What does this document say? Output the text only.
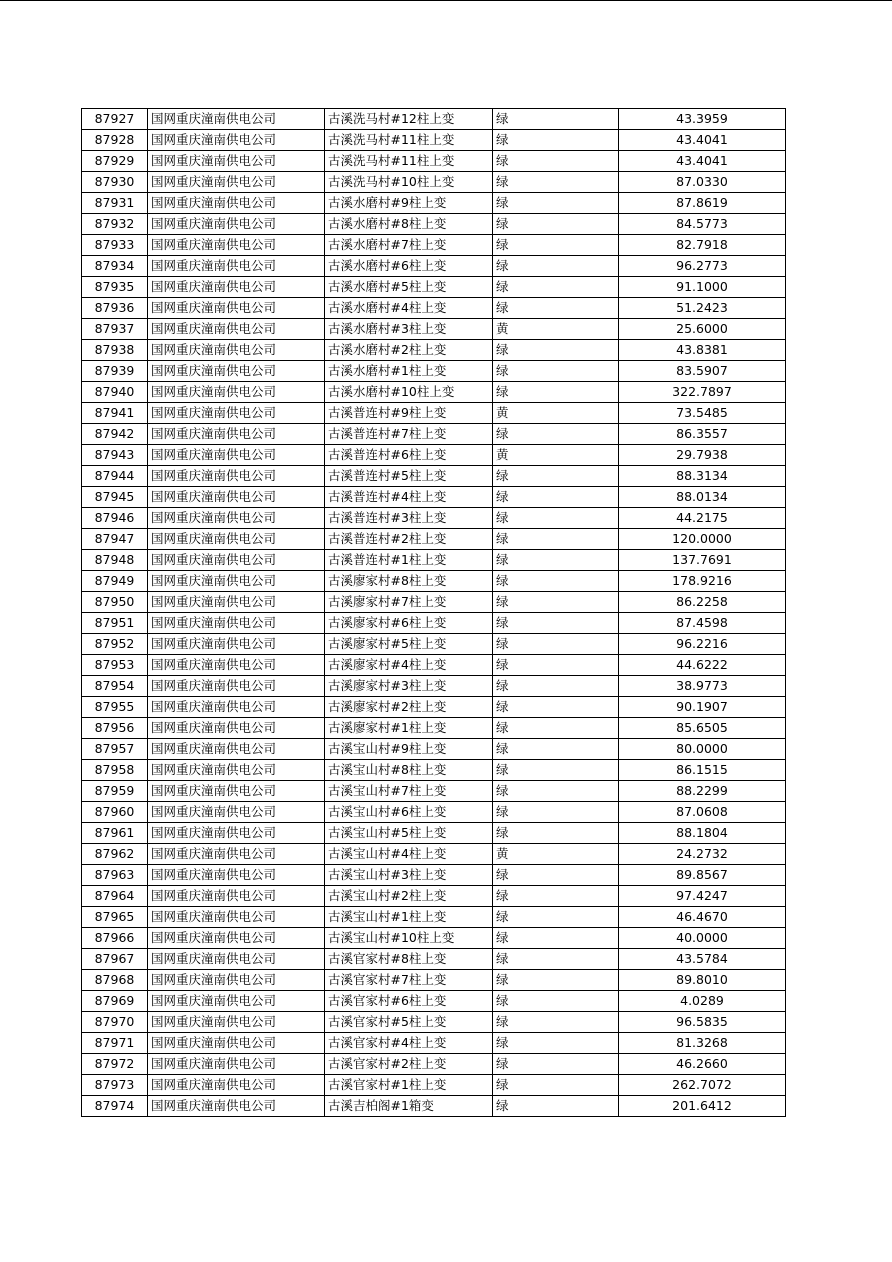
87927	国网重庆潼南供电公司	古溪洗马村#12柱上变	绿	43.3959
87928	国网重庆潼南供电公司	古溪洗马村#11柱上变	绿	43.4041
87929	国网重庆潼南供电公司	古溪洗马村#11柱上变	绿	43.4041
87930	国网重庆潼南供电公司	古溪洗马村#10柱上变	绿	87.0330
87931	国网重庆潼南供电公司	古溪水磨村#9柱上变	绿	87.8619
87932	国网重庆潼南供电公司	古溪水磨村#8柱上变	绿	84.5773
87933	国网重庆潼南供电公司	古溪水磨村#7柱上变	绿	82.7918
87934	国网重庆潼南供电公司	古溪水磨村#6柱上变	绿	96.2773
87935	国网重庆潼南供电公司	古溪水磨村#5柱上变	绿	91.1000
87936	国网重庆潼南供电公司	古溪水磨村#4柱上变	绿	51.2423
87937	国网重庆潼南供电公司	古溪水磨村#3柱上变	黄	25.6000
87938	国网重庆潼南供电公司	古溪水磨村#2柱上变	绿	43.8381
87939	国网重庆潼南供电公司	古溪水磨村#1柱上变	绿	83.5907
87940	国网重庆潼南供电公司	古溪水磨村#10柱上变	绿	322.7897
87941	国网重庆潼南供电公司	古溪普连村#9柱上变	黄	73.5485
87942	国网重庆潼南供电公司	古溪普连村#7柱上变	绿	86.3557
87943	国网重庆潼南供电公司	古溪普连村#6柱上变	黄	29.7938
87944	国网重庆潼南供电公司	古溪普连村#5柱上变	绿	88.3134
87945	国网重庆潼南供电公司	古溪普连村#4柱上变	绿	88.0134
87946	国网重庆潼南供电公司	古溪普连村#3柱上变	绿	44.2175
87947	国网重庆潼南供电公司	古溪普连村#2柱上变	绿	120.0000
87948	国网重庆潼南供电公司	古溪普连村#1柱上变	绿	137.7691
87949	国网重庆潼南供电公司	古溪廖家村#8柱上变	绿	178.9216
87950	国网重庆潼南供电公司	古溪廖家村#7柱上变	绿	86.2258
87951	国网重庆潼南供电公司	古溪廖家村#6柱上变	绿	87.4598
87952	国网重庆潼南供电公司	古溪廖家村#5柱上变	绿	96.2216
87953	国网重庆潼南供电公司	古溪廖家村#4柱上变	绿	44.6222
87954	国网重庆潼南供电公司	古溪廖家村#3柱上变	绿	38.9773
87955	国网重庆潼南供电公司	古溪廖家村#2柱上变	绿	90.1907
87956	国网重庆潼南供电公司	古溪廖家村#1柱上变	绿	85.6505
87957	国网重庆潼南供电公司	古溪宝山村#9柱上变	绿	80.0000
87958	国网重庆潼南供电公司	古溪宝山村#8柱上变	绿	86.1515
87959	国网重庆潼南供电公司	古溪宝山村#7柱上变	绿	88.2299
87960	国网重庆潼南供电公司	古溪宝山村#6柱上变	绿	87.0608
87961	国网重庆潼南供电公司	古溪宝山村#5柱上变	绿	88.1804
87962	国网重庆潼南供电公司	古溪宝山村#4柱上变	黄	24.2732
87963	国网重庆潼南供电公司	古溪宝山村#3柱上变	绿	89.8567
87964	国网重庆潼南供电公司	古溪宝山村#2柱上变	绿	97.4247
87965	国网重庆潼南供电公司	古溪宝山村#1柱上变	绿	46.4670
87966	国网重庆潼南供电公司	古溪宝山村#10柱上变	绿	40.0000
87967	国网重庆潼南供电公司	古溪官家村#8柱上变	绿	43.5784
87968	国网重庆潼南供电公司	古溪官家村#7柱上变	绿	89.8010
87969	国网重庆潼南供电公司	古溪官家村#6柱上变	绿	4.0289
87970	国网重庆潼南供电公司	古溪官家村#5柱上变	绿	96.5835
87971	国网重庆潼南供电公司	古溪官家村#4柱上变	绿	81.3268
87972	国网重庆潼南供电公司	古溪官家村#2柱上变	绿	46.2660
87973	国网重庆潼南供电公司	古溪官家村#1柱上变	绿	262.7072
87974	国网重庆潼南供电公司	古溪吉柏阁#1箱变	绿	201.6412
